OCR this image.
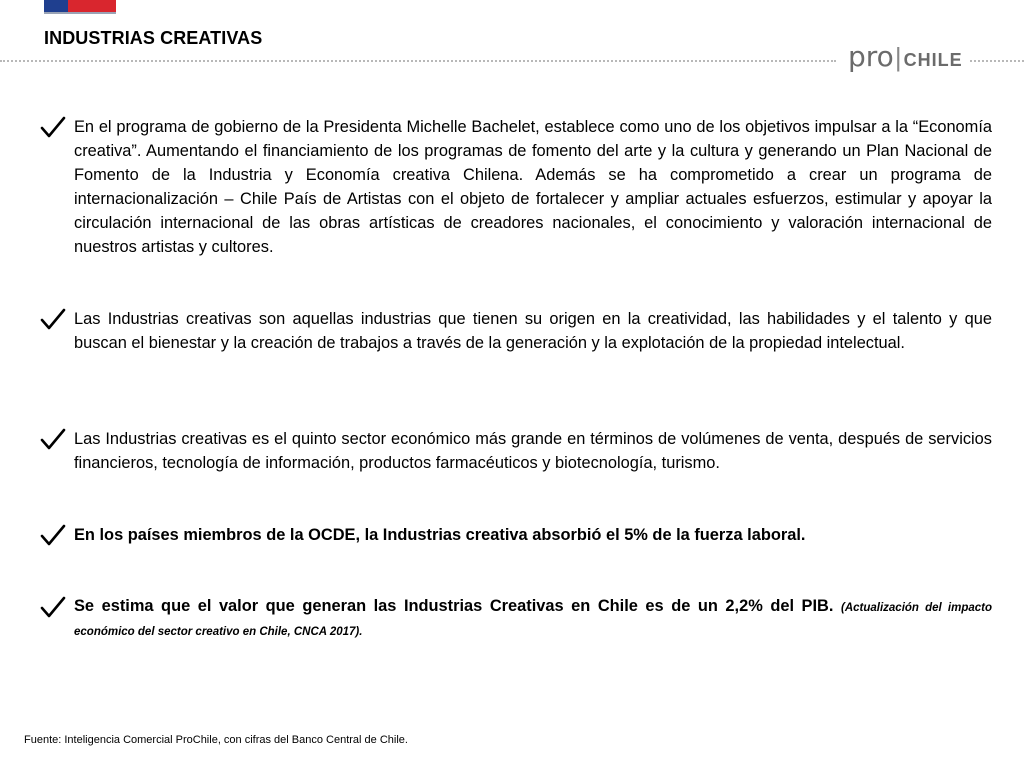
INDUSTRIAS CREATIVAS
pro | CHILE
En el programa de gobierno de la Presidenta Michelle Bachelet, establece como uno de los objetivos impulsar a la “Economía creativa”. Aumentando el financiamiento de los programas de fomento del arte y la cultura y generando un Plan Nacional de Fomento de la Industria y Economía creativa Chilena. Además se ha comprometido a crear un programa de internacionalización – Chile País de Artistas con el objeto de fortalecer y ampliar actuales esfuerzos, estimular y apoyar la circulación internacional de las obras artísticas de creadores nacionales, el conocimiento y valoración internacional de nuestros artistas y cultores.
Las Industrias creativas son aquellas industrias que tienen su origen en la creatividad, las habilidades y el talento y que buscan el bienestar y la creación de trabajos a través de la generación y la explotación de la propiedad intelectual.
Las Industrias creativas es el quinto sector económico más grande en términos de volúmenes de venta, después de servicios financieros, tecnología de información, productos farmacéuticos y biotecnología, turismo.
En los países miembros de la OCDE, la Industrias creativa absorbió el 5% de la fuerza laboral.
Se estima que el valor que generan las Industrias Creativas en Chile es de un 2,2% del PIB. (Actualización del impacto económico del sector creativo en Chile, CNCA 2017).
Fuente: Inteligencia Comercial ProChile, con cifras del Banco Central de Chile.
